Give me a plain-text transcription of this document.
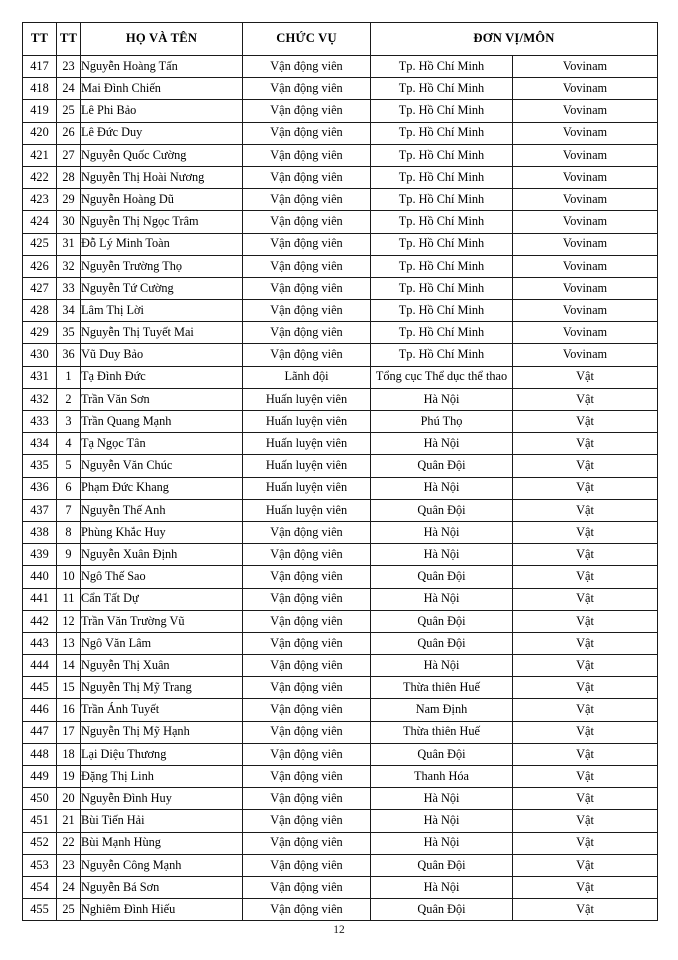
TT	TT	HỌ VÀ TÊN	CHỨC VỤ	ĐƠN VỊ/MÔN	
417	23	Nguyễn Hoàng Tấn	Vận động viên	Tp. Hồ Chí Minh	Vovinam
418	24	Mai Đình Chiến	Vận động viên	Tp. Hồ Chí Minh	Vovinam
419	25	Lê Phi Bảo	Vận động viên	Tp. Hồ Chí Minh	Vovinam
420	26	Lê Đức Duy	Vận động viên	Tp. Hồ Chí Minh	Vovinam
421	27	Nguyễn Quốc Cường	Vận động viên	Tp. Hồ Chí Minh	Vovinam
422	28	Nguyễn Thị Hoài Nương	Vận động viên	Tp. Hồ Chí Minh	Vovinam
423	29	Nguyễn Hoàng Dũ	Vận động viên	Tp. Hồ Chí Minh	Vovinam
424	30	Nguyễn Thị Ngọc Trâm	Vận động viên	Tp. Hồ Chí Minh	Vovinam
425	31	Đỗ Lý Minh Toàn	Vận động viên	Tp. Hồ Chí Minh	Vovinam
426	32	Nguyễn Trường Thọ	Vận động viên	Tp. Hồ Chí Minh	Vovinam
427	33	Nguyễn Tứ Cường	Vận động viên	Tp. Hồ Chí Minh	Vovinam
428	34	Lâm Thị Lời	Vận động viên	Tp. Hồ Chí Minh	Vovinam
429	35	Nguyễn Thị Tuyết Mai	Vận động viên	Tp. Hồ Chí Minh	Vovinam
430	36	Vũ Duy Bảo	Vận động viên	Tp. Hồ Chí Minh	Vovinam
431	1	Tạ Đình Đức	Lãnh đội	Tổng cục Thể dục thể thao	Vật
432	2	Trần Văn Sơn	Huấn luyện viên	Hà Nội	Vật
433	3	Trần Quang Mạnh	Huấn luyện viên	Phú Thọ	Vật
434	4	Tạ Ngọc Tân	Huấn luyện viên	Hà Nội	Vật
435	5	Nguyễn Văn Chúc	Huấn luyện viên	Quân Đội	Vật
436	6	Phạm Đức Khang	Huấn luyện viên	Hà Nội	Vật
437	7	Nguyễn Thế Anh	Huấn luyện viên	Quân Đội	Vật
438	8	Phùng Khắc Huy	Vận động viên	Hà Nội	Vật
439	9	Nguyễn Xuân Định	Vận động viên	Hà Nội	Vật
440	10	Ngô Thế Sao	Vận động viên	Quân Đội	Vật
441	11	Cẩn Tất Dự	Vận động viên	Hà Nội	Vật
442	12	Trần Văn Trường Vũ	Vận động viên	Quân Đội	Vật
443	13	Ngô Văn Lâm	Vận động viên	Quân Đội	Vật
444	14	Nguyễn Thị Xuân	Vận động viên	Hà Nội	Vật
445	15	Nguyễn Thị Mỹ Trang	Vận động viên	Thừa thiên Huế	Vật
446	16	Trần Ánh Tuyết	Vận động viên	Nam Định	Vật
447	17	Nguyễn Thị Mỹ Hạnh	Vận động viên	Thừa thiên Huế	Vật
448	18	Lại Diệu Thương	Vận động viên	Quân Đội	Vật
449	19	Đặng Thị Linh	Vận động viên	Thanh Hóa	Vật
450	20	Nguyễn Đình Huy	Vận động viên	Hà Nội	Vật
451	21	Bùi Tiến Hải	Vận động viên	Hà Nội	Vật
452	22	Bùi Mạnh Hùng	Vận động viên	Hà Nội	Vật
453	23	Nguyễn Công Mạnh	Vận động viên	Quân Đội	Vật
454	24	Nguyễn Bá Sơn	Vận động viên	Hà Nội	Vật
455	25	Nghiêm Đình Hiếu	Vận động viên	Quân Đội	Vật
12
